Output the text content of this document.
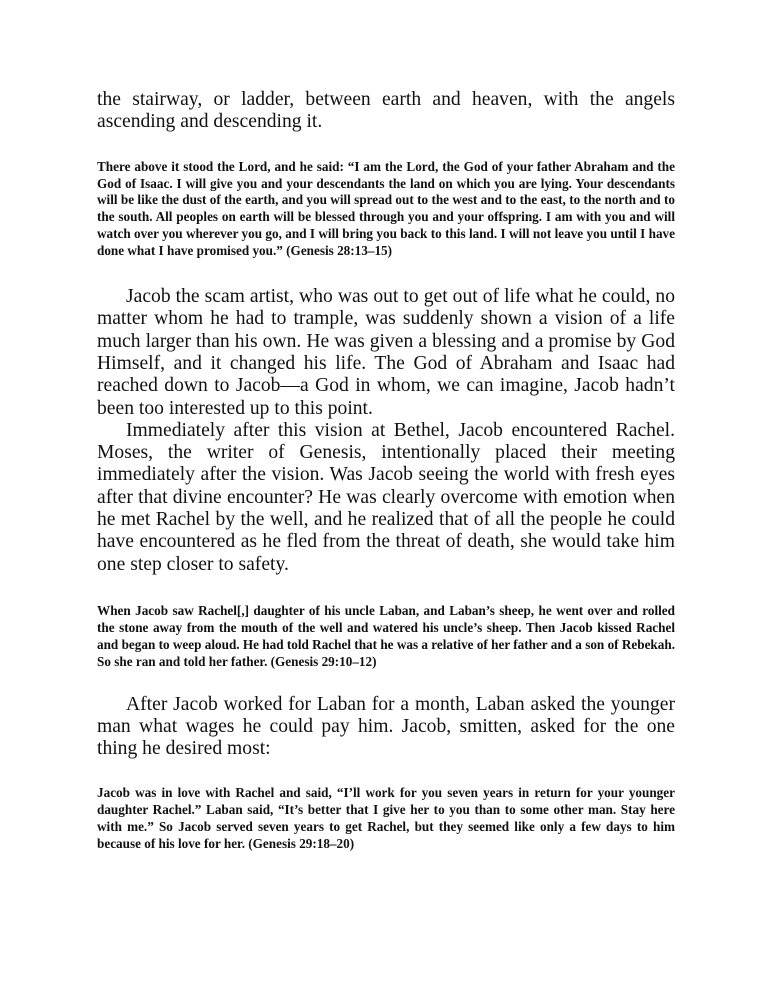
the stairway, or ladder, between earth and heaven, with the angels ascending and descending it.

There above it stood the Lord, and he said: “I am the Lord, the God of your father Abraham and the God of Isaac. I will give you and your descendants the land on which you are lying. Your descendants will be like the dust of the earth, and you will spread out to the west and to the east, to the north and to the south. All peoples on earth will be blessed through you and your offspring. I am with you and will watch over you wherever you go, and I will bring you back to this land. I will not leave you until I have done what I have promised you.” (Genesis 28:13–15)

Jacob the scam artist, who was out to get out of life what he could, no matter whom he had to trample, was suddenly shown a vision of a life much larger than his own. He was given a blessing and a promise by God Himself, and it changed his life. The God of Abraham and Isaac had reached down to Jacob—a God in whom, we can imagine, Jacob hadn’t been too interested up to this point.

Immediately after this vision at Bethel, Jacob encountered Rachel. Moses, the writer of Genesis, intentionally placed their meeting immediately after the vision. Was Jacob seeing the world with fresh eyes after that divine encounter? He was clearly overcome with emotion when he met Rachel by the well, and he realized that of all the people he could have encountered as he fled from the threat of death, she would take him one step closer to safety.

When Jacob saw Rachel[,] daughter of his uncle Laban, and Laban’s sheep, he went over and rolled the stone away from the mouth of the well and watered his uncle’s sheep. Then Jacob kissed Rachel and began to weep aloud. He had told Rachel that he was a relative of her father and a son of Rebekah. So she ran and told her father. (Genesis 29:10–12)

After Jacob worked for Laban for a month, Laban asked the younger man what wages he could pay him. Jacob, smitten, asked for the one thing he desired most:

Jacob was in love with Rachel and said, “I’ll work for you seven years in return for your younger daughter Rachel.” Laban said, “It’s better that I give her to you than to some other man. Stay here with me.” So Jacob served seven years to get Rachel, but they seemed like only a few days to him because of his love for her. (Genesis 29:18–20)
